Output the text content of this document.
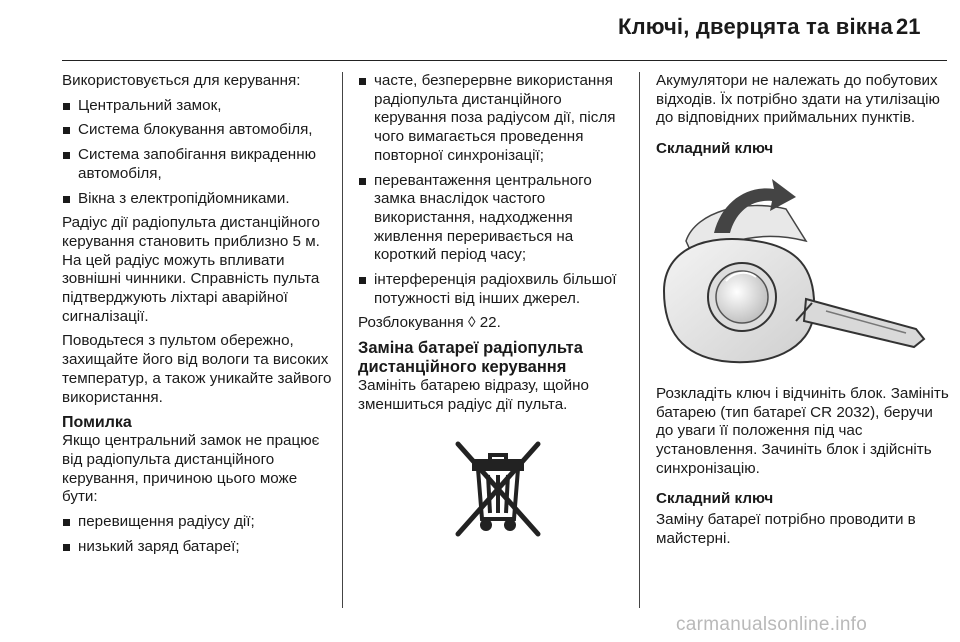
Ключі, дверцята та вікна 21

Використовується для керування:

Центральний замок,
Система блокування автомобіля,
Система запобігання викраденню автомобіля,
Вікна з електропідйомниками.

Радіус дії радіопульта дистанційного керування становить приблизно 5 м. На цей радіус можуть впливати зовнішні чинники. Справність пульта підтверджують ліхтарі аварійної сигналізації.

Поводьтеся з пультом обережно, захищайте його від вологи та високих температур, а також уникайте зайвого використання.

Помилка

Якщо центральний замок не працює від радіопульта дистанційного керування, причиною цього може бути:

перевищення радіусу дії;
низький заряд батареї;
часте, безперервне використання радіопульта дистанційного керування поза радіусом дії, після чого вимагається проведення повторної синхронізації;
перевантаження центрального замка внаслідок частого використання, надходження живлення переривається на короткий період часу;
інтерференція радіохвиль більшої потужності від інших джерел.

Розблокування ◊ 22.

Заміна батареї радіопульта дистанційного керування

Замініть батарею відразу, щойно зменшиться радіус дії пульта.

Акумулятори не належать до побутових відходів. Їх потрібно здати на утилізацію до відповідних приймальних пунктів.

Складний ключ

Розкладіть ключ і відчиніть блок. Замініть батарею (тип батареї CR 2032), беручи до уваги її положення під час установлення. Зачиніть блок і здійсніть синхронізацію.

Складний ключ

Заміну батареї потрібно проводити в майстерні.

carmanualsonline.info
